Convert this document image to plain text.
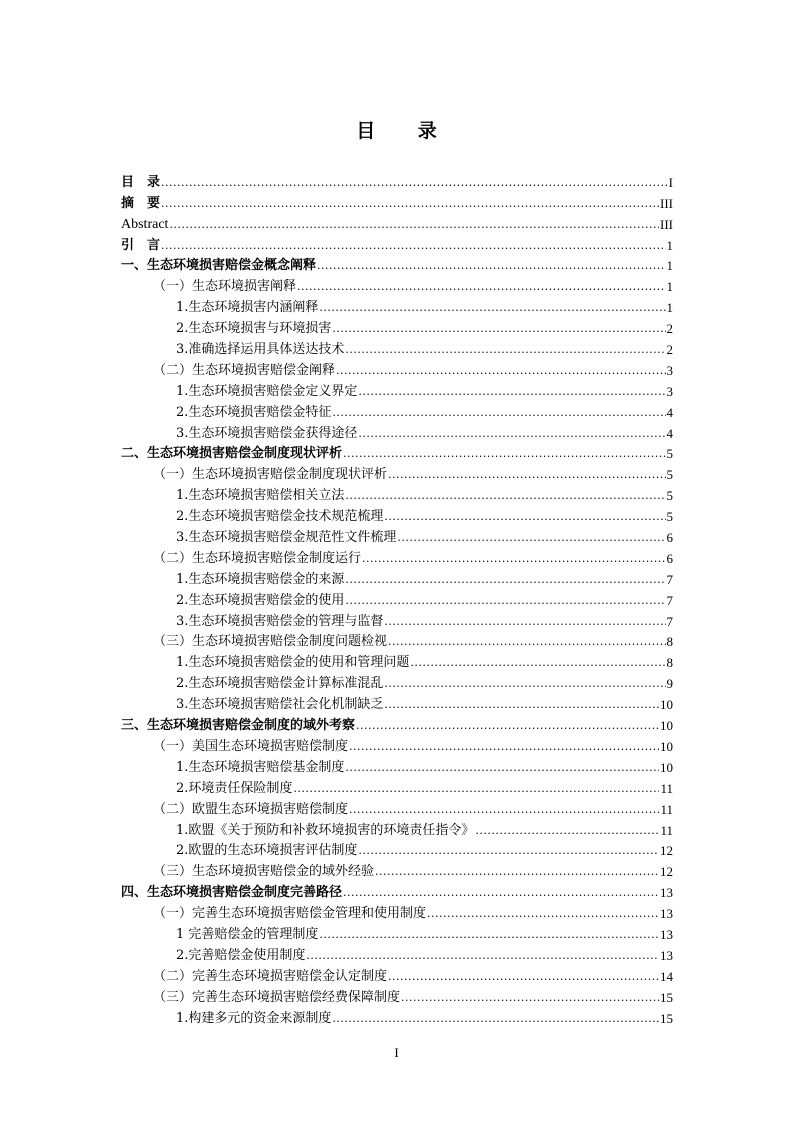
目 录
目　录 .....	I
摘　要 .....	III
Abstract .....	III
引　言 .....	1
一、生态环境损害赔偿金概念阐释 .....	1
（一）生态环境损害阐释 .....	1
1.生态环境损害内涵阐释 .....	1
2.生态环境损害与环境损害 .....	2
3.准确选择运用具体送达技术 .....	2
（二）生态环境损害赔偿金阐释 .....	3
1.生态环境损害赔偿金定义界定 .....	3
2.生态环境损害赔偿金特征 .....	4
3.生态环境损害赔偿金获得途径 .....	4
二、生态环境损害赔偿金制度现状评析 .....	5
（一）生态环境损害赔偿金制度现状评析 .....	5
1.生态环境损害赔偿相关立法 .....	5
2.生态环境损害赔偿金技术规范梳理 .....	5
3.生态环境损害赔偿金规范性文件梳理 .....	6
（二）生态环境损害赔偿金制度运行 .....	6
1.生态环境损害赔偿金的来源 .....	7
2.生态环境损害赔偿金的使用 .....	7
3.生态环境损害赔偿金的管理与监督 .....	7
（三）生态环境损害赔偿金制度问题检视 .....	8
1.生态环境损害赔偿金的使用和管理问题 .....	8
2.生态环境损害赔偿金计算标准混乱 .....	9
3.生态环境损害赔偿社会化机制缺乏 .....	10
三、生态环境损害赔偿金制度的域外考察 .....	10
（一）美国生态环境损害赔偿制度 .....	10
1.生态环境损害赔偿基金制度 .....	10
2.环境责任保险制度 .....	11
（二）欧盟生态环境损害赔偿制度 .....	11
1.欧盟《关于预防和补救环境损害的环境责任指令》 .....	11
2.欧盟的生态环境损害评估制度 .....	12
（三）生态环境损害赔偿金的域外经验 .....	12
四、生态环境损害赔偿金制度完善路径 .....	13
（一）完善生态环境损害赔偿金管理和使用制度 .....	13
1 完善赔偿金的管理制度 .....	13
2.完善赔偿金使用制度 .....	13
（二）完善生态环境损害赔偿金认定制度 .....	14
（三）完善生态环境损害赔偿经费保障制度 .....	15
1.构建多元的资金来源制度 .....	15
I
